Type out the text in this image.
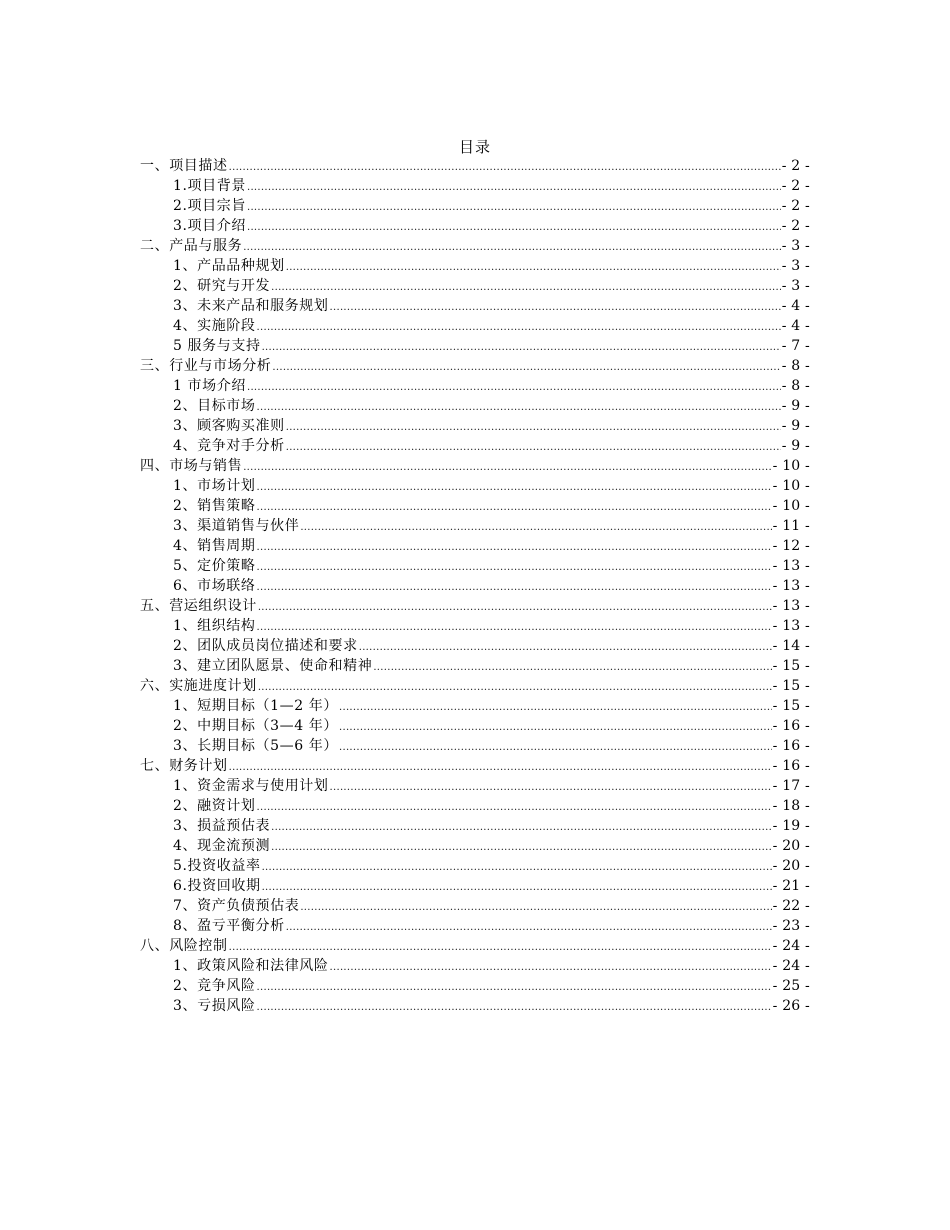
目录
一、项目描述 .....	- 2 -
1.项目背景 .....	- 2 -
2.项目宗旨 .....	- 2 -
3.项目介绍 .....	- 2 -
二、产品与服务 .....	- 3 -
1、产品品种规划 .....	- 3 -
2、研究与开发 .....	- 3 -
3、未来产品和服务规划 .....	- 4 -
4、实施阶段 .....	- 4 -
5 服务与支持 .....	- 7 -
三、行业与市场分析 .....	- 8 -
1 市场介绍 .....	- 8 -
2、目标市场 .....	- 9 -
3、顾客购买准则 .....	- 9 -
4、竞争对手分析 .....	- 9 -
四、市场与销售 .....	- 10 -
1、市场计划 .....	- 10 -
2、销售策略 .....	- 10 -
3、渠道销售与伙伴 .....	- 11 -
4、销售周期 .....	- 12 -
5、定价策略 .....	- 13 -
6、市场联络 .....	- 13 -
五、营运组织设计 .....	- 13 -
1、组织结构 .....	- 13 -
2、团队成员岗位描述和要求 .....	- 14 -
3、建立团队愿景、使命和精神 .....	- 15 -
六、实施进度计划 .....	- 15 -
1、短期目标（1—2 年） .....	- 15 -
2、中期目标（3—4 年） .....	- 16 -
3、长期目标（5—6 年） .....	- 16 -
七、财务计划 .....	- 16 -
1、资金需求与使用计划 .....	- 17 -
2、融资计划 .....	- 18 -
3、损益预估表 .....	- 19 -
4、现金流预测 .....	- 20 -
5.投资收益率 .....	- 20 -
6.投资回收期 .....	- 21 -
7、资产负债预估表 .....	- 22 -
8、盈亏平衡分析 .....	- 23 -
八、风险控制 .....	- 24 -
1、政策风险和法律风险 .....	- 24 -
2、竞争风险 .....	- 25 -
3、亏损风险 .....	- 26 -
